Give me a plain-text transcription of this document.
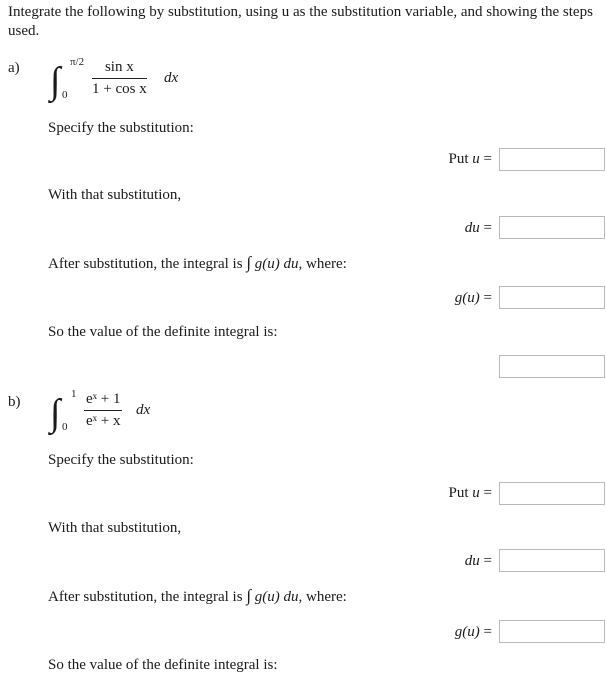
Integrate the following by substitution, using u as the substitution variable, and showing the steps used.
a) ∫ π/2
$0 \frac{\text{sin x}}{\text{1 + cos x}}$ dx
Specify the substitution:
Put u =
With that substitution,
du =
After substitution, the integral is ∫ g(u) du, where:
g(u) =
So the value of the definite integral is:
b) ∫ 1
$0 \frac{\text{eˣ + 1}}{\text{eˣ + x}}$ dx
Specify the substitution:
Put u =
With that substitution,
du =
After substitution, the integral is ∫ g(u) du, where:
g(u) =
So the value of the definite integral is:
